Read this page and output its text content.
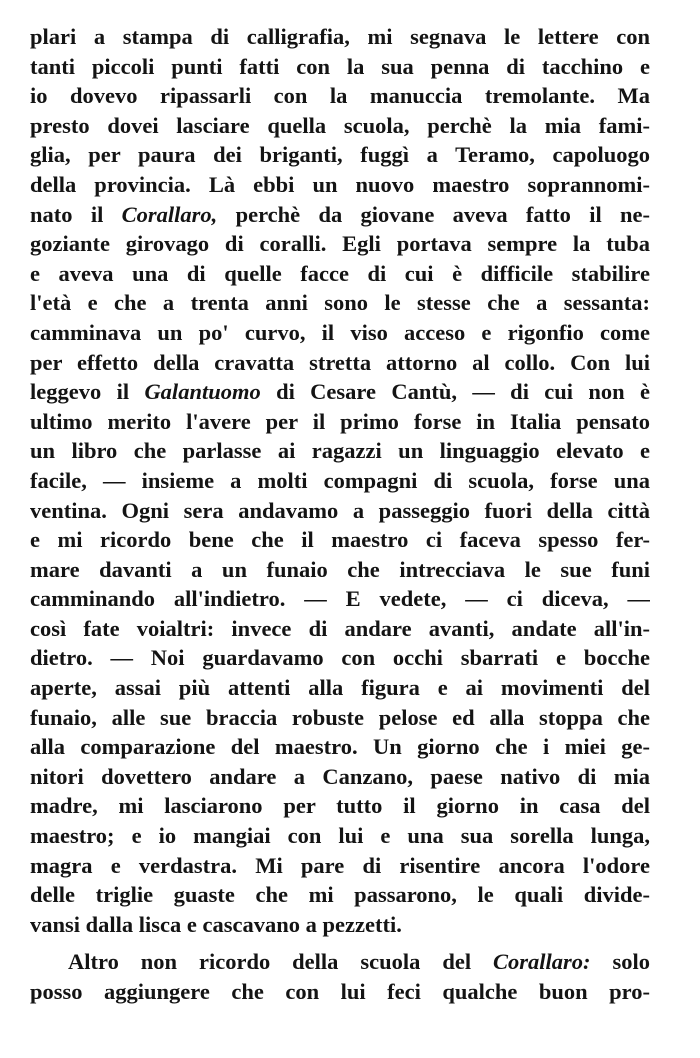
plari a stampa di calligrafia, mi segnava le lettere con
tanti piccoli punti fatti con la sua penna di tacchino e
io dovevo ripassarli con la manuccia tremolante. Ma
presto dovei lasciare quella scuola, perchè la mia fami-
glia, per paura dei briganti, fuggì a Teramo, capoluogo
della provincia. Là ebbi un nuovo maestro soprannomi-
nato il Corallaro, perchè da giovane aveva fatto il ne-
goziante girovago di coralli. Egli portava sempre la tuba
e aveva una di quelle facce di cui è difficile stabilire
l'età e che a trenta anni sono le stesse che a sessanta:
camminava un po' curvo, il viso acceso e rigonfio come
per effetto della cravatta stretta attorno al collo. Con lui
leggevo il Galantuomo di Cesare Cantù, — di cui non è
ultimo merito l'avere per il primo forse in Italia pensato
un libro che parlasse ai ragazzi un linguaggio elevato e
facile, — insieme a molti compagni di scuola, forse una
ventina. Ogni sera andavamo a passeggio fuori della città
e mi ricordo bene che il maestro ci faceva spesso fer-
mare davanti a un funaio che intrecciava le sue funi
camminando all'indietro. — E vedete, — ci diceva, —
così fate voialtri: invece di andare avanti, andate all'in-
dietro. — Noi guardavamo con occhi sbarrati e bocche
aperte, assai più attenti alla figura e ai movimenti del
funaio, alle sue braccia robuste pelose ed alla stoppa che
alla comparazione del maestro. Un giorno che i miei ge-
nitori dovettero andare a Canzano, paese nativo di mia
madre, mi lasciarono per tutto il giorno in casa del
maestro; e io mangiai con lui e una sua sorella lunga,
magra e verdastra. Mi pare di risentire ancora l'odore
delle triglie guaste che mi passarono, le quali divide-
vansi dalla lisca e cascavano a pezzetti.
Altro non ricordo della scuola del Corallaro: solo
posso aggiungere che con lui feci qualche buon pro-
